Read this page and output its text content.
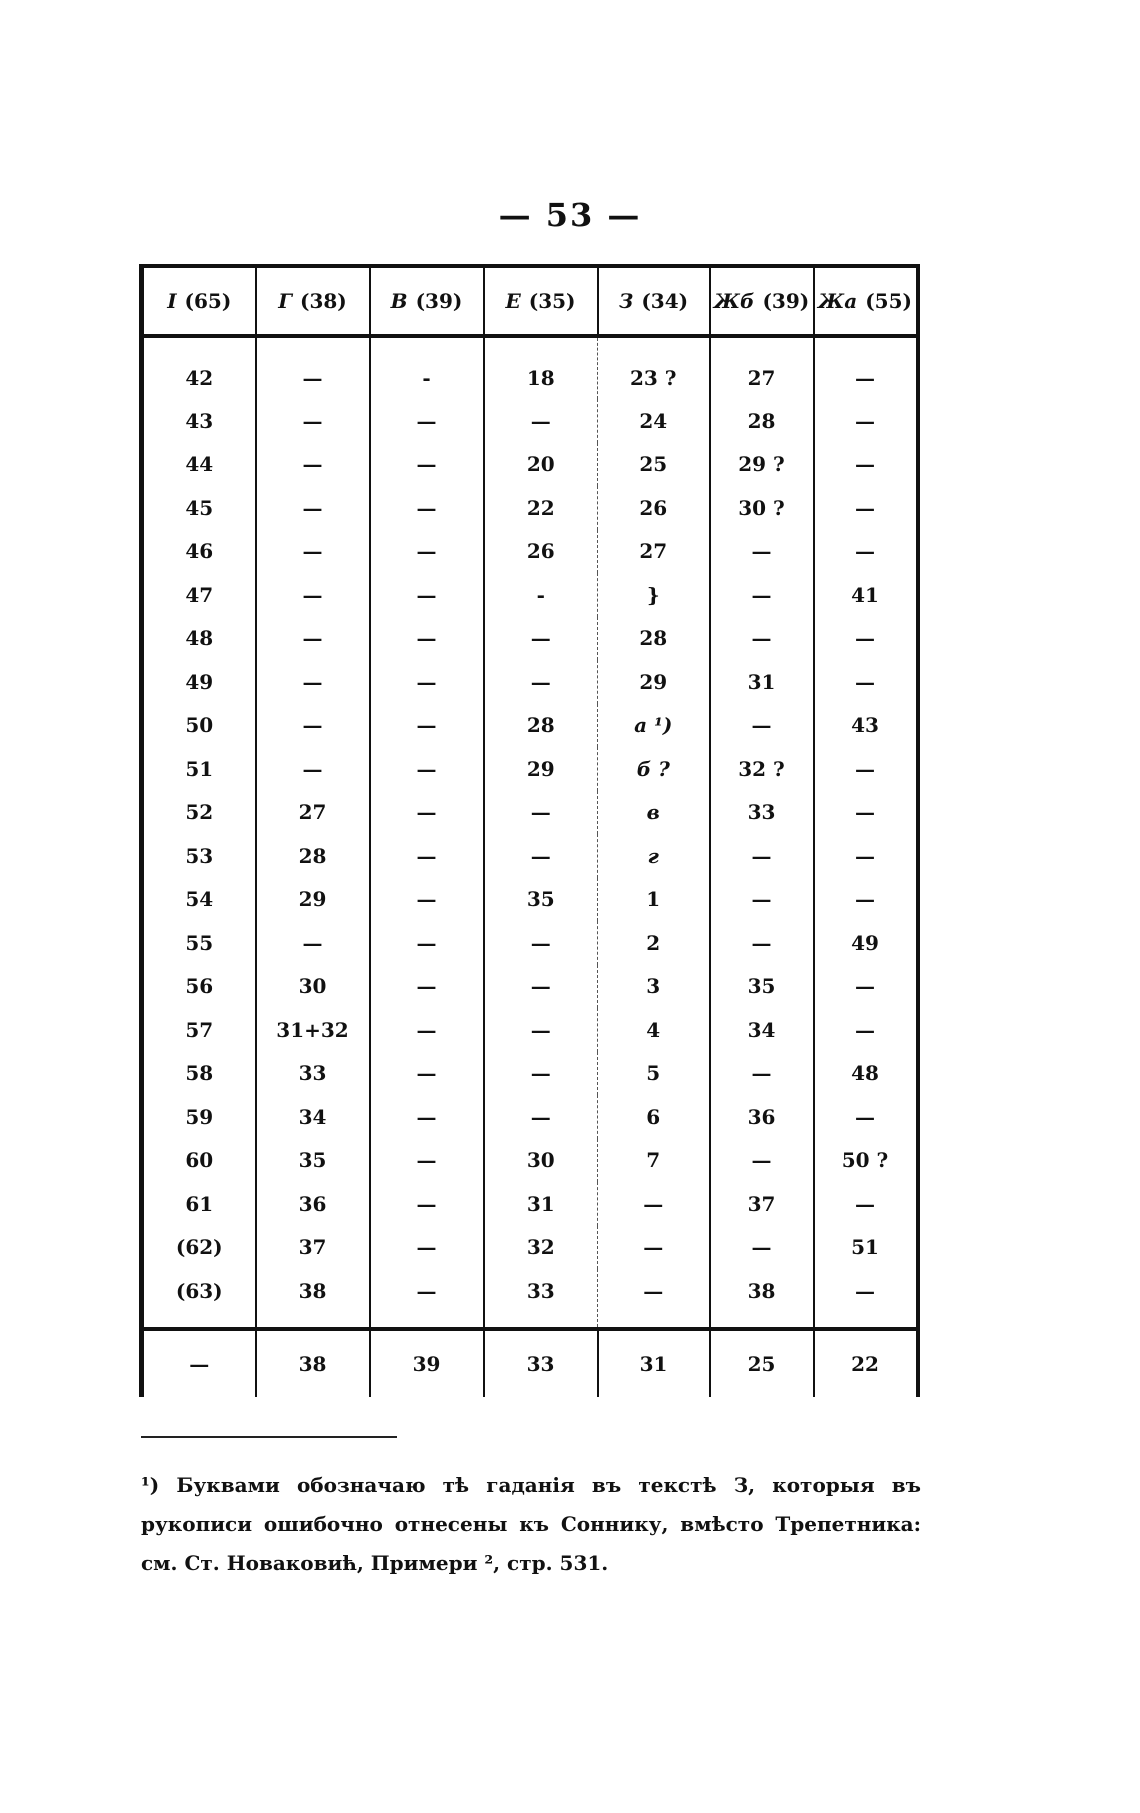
— 53 —
I (65)	Г (38)	В (39)	Е (35)	З (34)	Жб (39)	Жа (55)
42	—	-	18	23 ?	27	—
43	—	—	—	24	28	—
44	—	—	20	25	29 ?	—
45	—	—	22	26	30 ?	—
46	—	—	26	27	—	—
47	—	—	-	}	—	41
48	—	—	—	28	—	—
49	—	—	—	29	31	—
50	—	—	28	а ¹)	—	43
51	—	—	29	б ?	32 ?	—
52	27	—	—	в	33	—
53	28	—	—	г	—	—
54	29	—	35	1	—	—
55	—	—	—	2	—	49
56	30	—	—	3	35	—
57	31+32	—	—	4	34	—
58	33	—	—	5	—	48
59	34	—	—	6	36	—
60	35	—	30	7	—	50 ?
61	36	—	31	—	37	—
(62)	37	—	32	—	—	51
(63)	38	—	33	—	38	—
—	38	39	33	31	25	22
¹) Буквами обозначаю тѣ гаданія въ текстѣ З, которыя въ рукописи ошибочно отнесены къ Соннику, вмѣсто Трепетника: см. Ст. Новаковић, Примери ², стр. 531.
